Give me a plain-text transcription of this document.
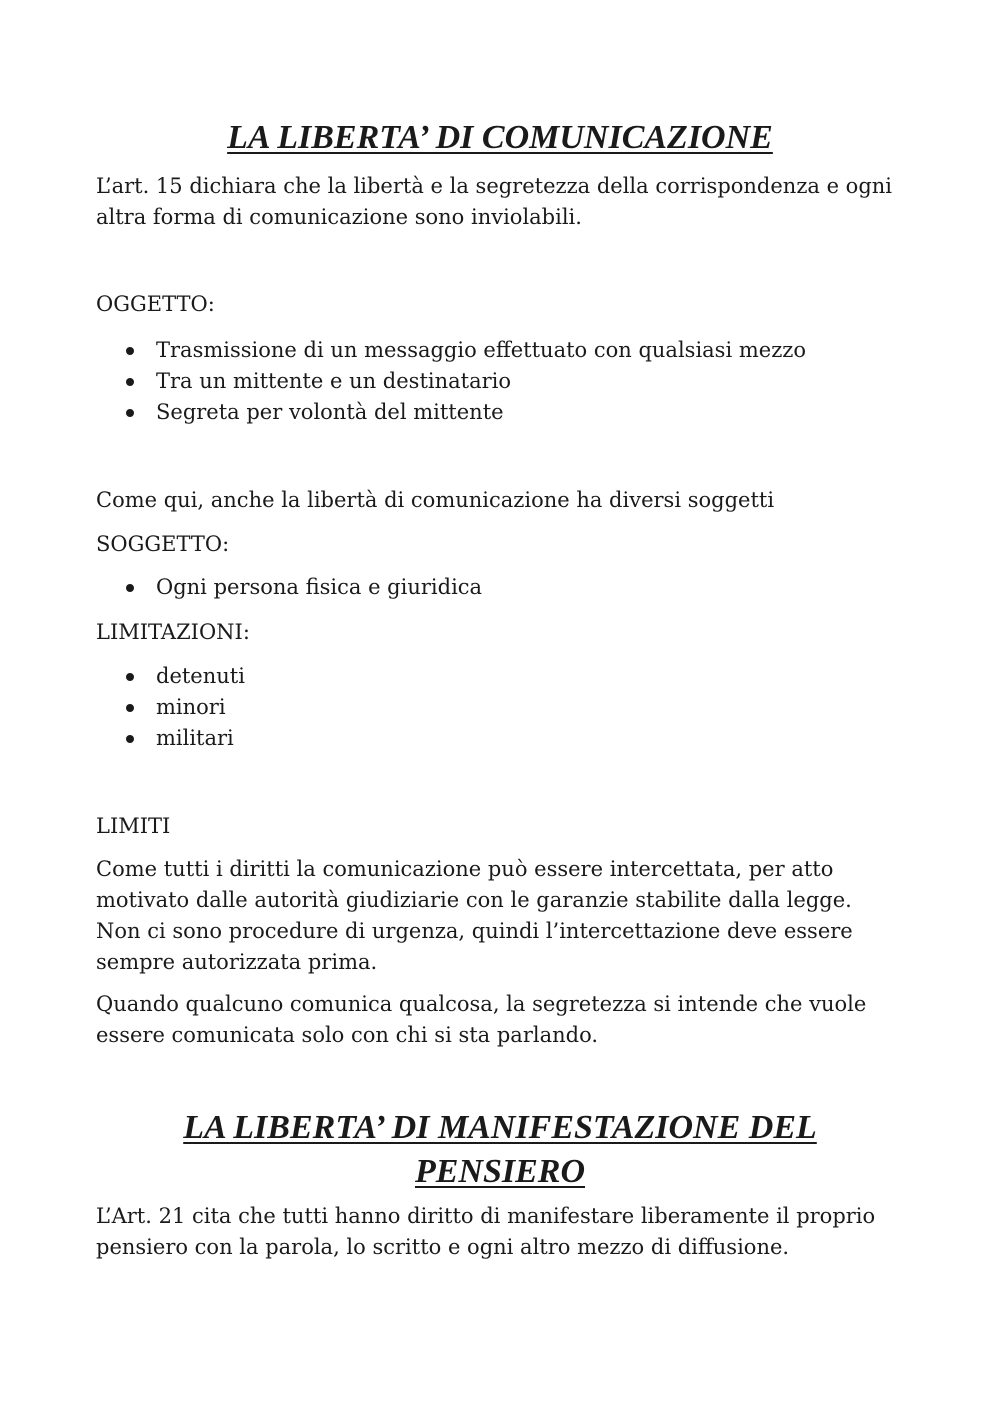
LA LIBERTA’ DI COMUNICAZIONE

L’art. 15 dichiara che la libertà e la segretezza della corrispondenza e ogni
altra forma di comunicazione sono inviolabili.

OGGETTO:

Trasmissione di un messaggio effettuato con qualsiasi mezzo

Tra un mittente e un destinatario

Segreta per volontà del mittente

Come qui, anche la libertà di comunicazione ha diversi soggetti

SOGGETTO:

Ogni persona fisica e giuridica

LIMITAZIONI:

detenuti

minori

militari

LIMITI

Come tutti i diritti la comunicazione può essere intercettata, per atto
motivato dalle autorità giudiziarie con le garanzie stabilite dalla legge.
Non ci sono procedure di urgenza, quindi l’intercettazione deve essere
sempre autorizzata prima.

Quando qualcuno comunica qualcosa, la segretezza si intende che vuole
essere comunicata solo con chi si sta parlando.

LA LIBERTA’ DI MANIFESTAZIONE DEL
PENSIERO

L’Art. 21 cita che tutti hanno diritto di manifestare liberamente il proprio
pensiero con la parola, lo scritto e ogni altro mezzo di diffusione.
